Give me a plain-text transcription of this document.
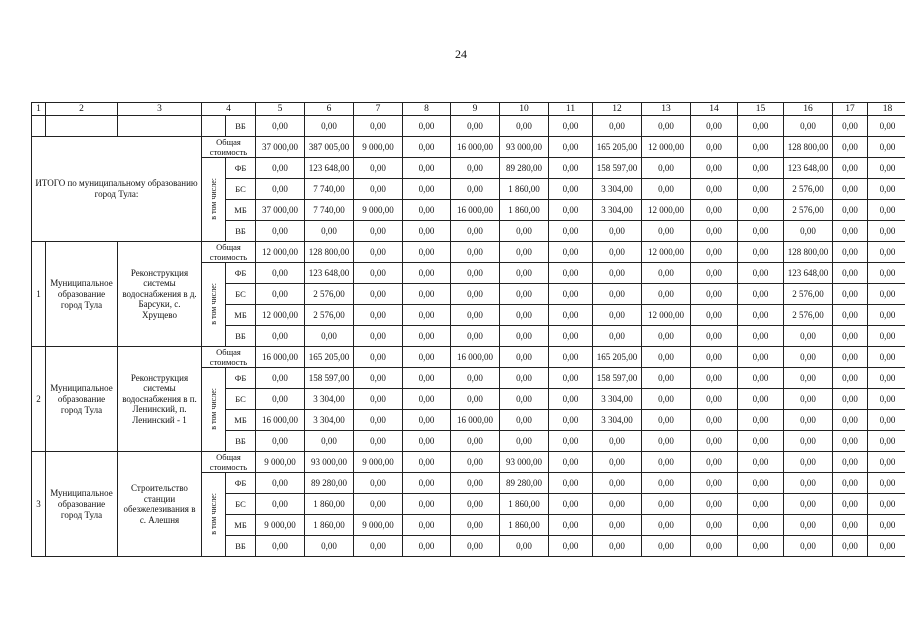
24
1	2	3	4		5	6	7	8	9	10	11	12	13	14	15	16	17	18
				ВБ	0,00	0,00	0,00	0,00	0,00	0,00	0,00	0,00	0,00	0,00	0,00	0,00	0,00	0,00
ИТОГО по муниципальному образованию город Тула:			Общая стоимость		37 000,00	387 005,00	9 000,00	0,00	16 000,00	93 000,00	0,00	165 205,00	12 000,00	0,00	0,00	128 800,00	0,00	0,00
			в том числе:	ФБ	0,00	123 648,00	0,00	0,00	0,00	89 280,00	0,00	158 597,00	0,00	0,00	0,00	123 648,00	0,00	0,00
				БС	0,00	7 740,00	0,00	0,00	0,00	1 860,00	0,00	3 304,00	0,00	0,00	0,00	2 576,00	0,00	0,00
				МБ	37 000,00	7 740,00	9 000,00	0,00	16 000,00	1 860,00	0,00	3 304,00	12 000,00	0,00	0,00	2 576,00	0,00	0,00
				ВБ	0,00	0,00	0,00	0,00	0,00	0,00	0,00	0,00	0,00	0,00	0,00	0,00	0,00	0,00
1	Муниципальное образование город Тула	Реконструкция системы водоснабжения в д. Барсуки, с. Хрущево	Общая стоимость		12 000,00	128 800,00	0,00	0,00	0,00	0,00	0,00	0,00	12 000,00	0,00	0,00	128 800,00	0,00	0,00
			в том числе:	ФБ	0,00	123 648,00	0,00	0,00	0,00	0,00	0,00	0,00	0,00	0,00	0,00	123 648,00	0,00	0,00
				БС	0,00	2 576,00	0,00	0,00	0,00	0,00	0,00	0,00	0,00	0,00	0,00	2 576,00	0,00	0,00
				МБ	12 000,00	2 576,00	0,00	0,00	0,00	0,00	0,00	0,00	12 000,00	0,00	0,00	2 576,00	0,00	0,00
				ВБ	0,00	0,00	0,00	0,00	0,00	0,00	0,00	0,00	0,00	0,00	0,00	0,00	0,00	0,00
2	Муниципальное образование город Тула	Реконструкция системы водоснабжения в п. Ленинский, п. Ленинский - 1	Общая стоимость		16 000,00	165 205,00	0,00	0,00	16 000,00	0,00	0,00	165 205,00	0,00	0,00	0,00	0,00	0,00	0,00
			в том числе:	ФБ	0,00	158 597,00	0,00	0,00	0,00	0,00	0,00	158 597,00	0,00	0,00	0,00	0,00	0,00	0,00
				БС	0,00	3 304,00	0,00	0,00	0,00	0,00	0,00	3 304,00	0,00	0,00	0,00	0,00	0,00	0,00
				МБ	16 000,00	3 304,00	0,00	0,00	16 000,00	0,00	0,00	3 304,00	0,00	0,00	0,00	0,00	0,00	0,00
				ВБ	0,00	0,00	0,00	0,00	0,00	0,00	0,00	0,00	0,00	0,00	0,00	0,00	0,00	0,00
3	Муниципальное образование город Тула	Строительство станции обезжелезивания в с. Алешня	Общая стоимость		9 000,00	93 000,00	9 000,00	0,00	0,00	93 000,00	0,00	0,00	0,00	0,00	0,00	0,00	0,00	0,00
			в том числе:	ФБ	0,00	89 280,00	0,00	0,00	0,00	89 280,00	0,00	0,00	0,00	0,00	0,00	0,00	0,00	0,00
				БС	0,00	1 860,00	0,00	0,00	0,00	1 860,00	0,00	0,00	0,00	0,00	0,00	0,00	0,00	0,00
				МБ	9 000,00	1 860,00	9 000,00	0,00	0,00	1 860,00	0,00	0,00	0,00	0,00	0,00	0,00	0,00	0,00
				ВБ	0,00	0,00	0,00	0,00	0,00	0,00	0,00	0,00	0,00	0,00	0,00	0,00	0,00	0,00
